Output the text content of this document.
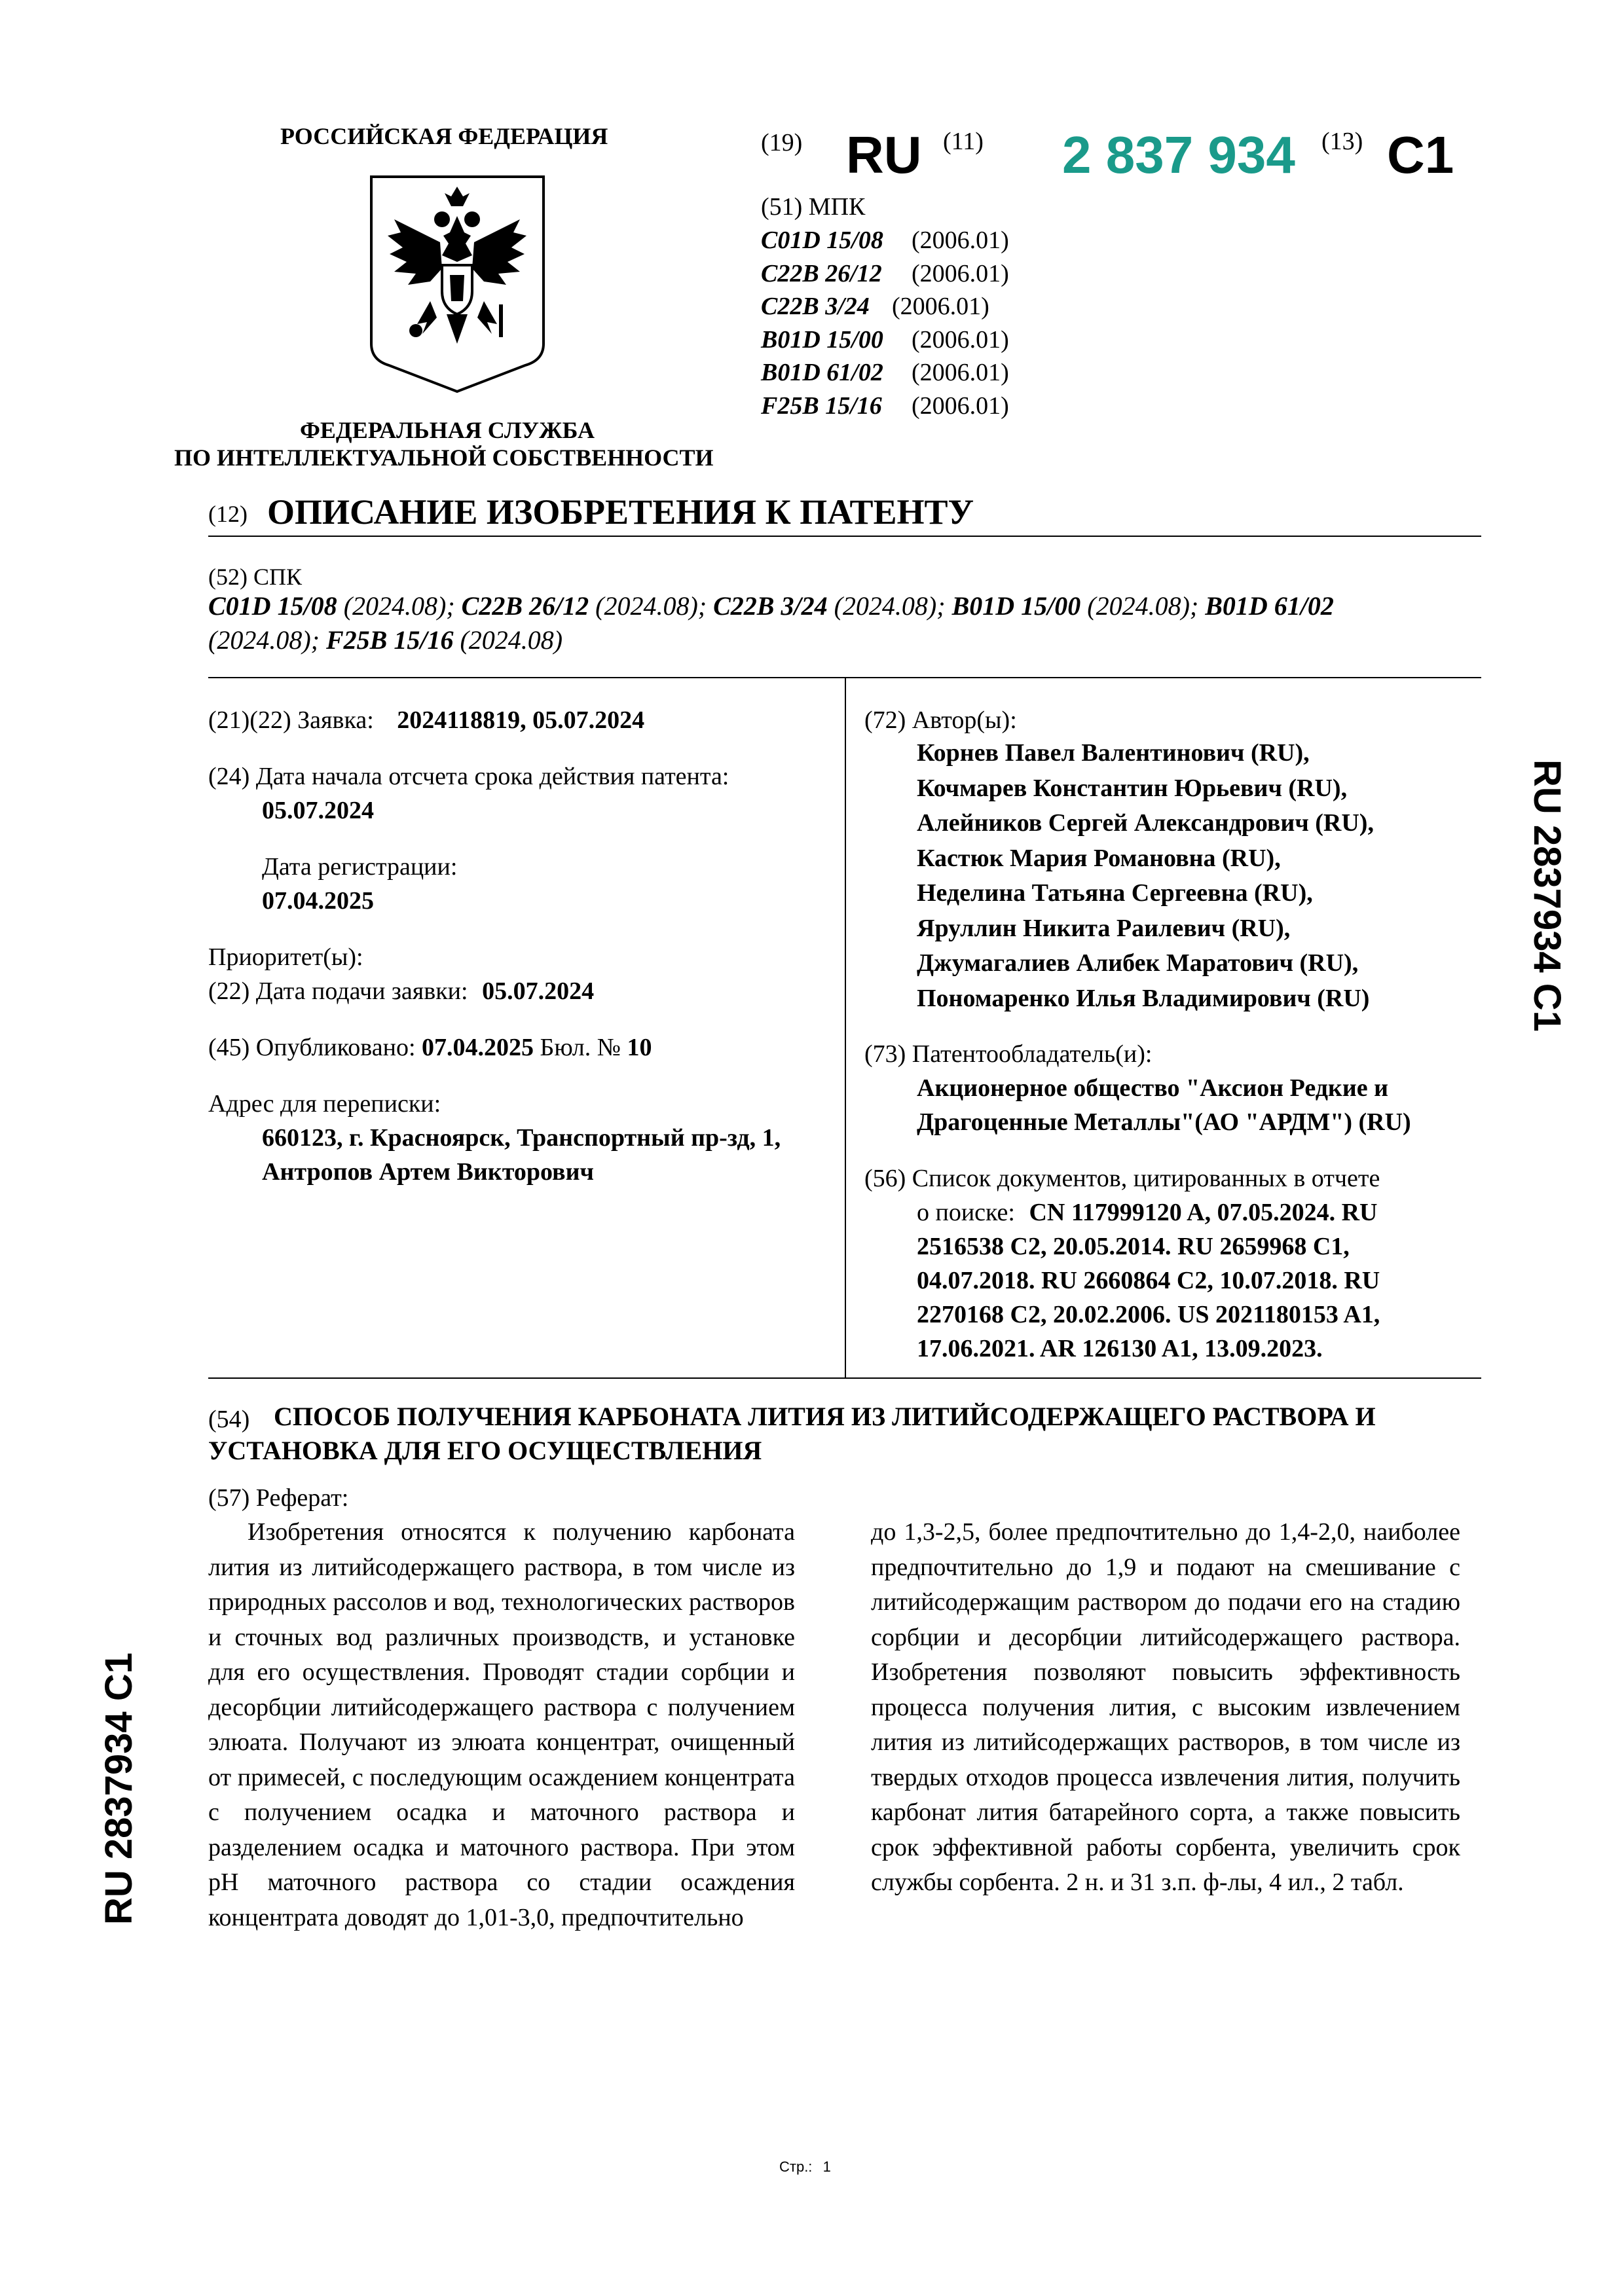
РОССИЙСКАЯ ФЕДЕРАЦИЯ
ФЕДЕРАЛЬНАЯ СЛУЖБА
ПО ИНТЕЛЛЕКТУАЛЬНОЙ СОБСТВЕННОСТИ
(19) RU (11) 2 837 934 (13) C1
(51) МПК
C01D 15/08 (2006.01)
C22B 26/12 (2006.01)
C22B 3/24 (2006.01)
B01D 15/00 (2006.01)
B01D 61/02 (2006.01)
F25B 15/16 (2006.01)
(12) ОПИСАНИЕ ИЗОБРЕТЕНИЯ К ПАТЕНТУ
(52) СПК
C01D 15/08 (2024.08); C22B 26/12 (2024.08); C22B 3/24 (2024.08); B01D 15/00 (2024.08); B01D 61/02
(2024.08); F25B 15/16 (2024.08)
(21)(22) Заявка: 2024118819, 05.07.2024
(24) Дата начала отсчета срока действия патента:
05.07.2024
Дата регистрации:
07.04.2025
Приоритет(ы):
(22) Дата подачи заявки: 05.07.2024
(45) Опубликовано: 07.04.2025 Бюл. № 10
Адрес для переписки:
660123, г. Красноярск, Транспортный пр-зд, 1,
Антропов Артем Викторович
(72) Автор(ы):
Корнев Павел Валентинович (RU),
Кочмарев Константин Юрьевич (RU),
Алейников Сергей Александрович (RU),
Кастюк Мария Романовна (RU),
Неделина Татьяна Сергеевна (RU),
Яруллин Никита Раилевич (RU),
Джумагалиев Алибек Маратович (RU),
Пономаренко Илья Владимирович (RU)
(73) Патентообладатель(и):
Акционерное общество "Аксион Редкие и
Драгоценные Металлы"(АО "АРДМ") (RU)
(56) Список документов, цитированных в отчете
о поиске: CN 117999120 A, 07.05.2024. RU
2516538 C2, 20.05.2014. RU 2659968 C1,
04.07.2018. RU 2660864 C2, 10.07.2018. RU
2270168 C2, 20.02.2006. US 2021180153 A1,
17.06.2021. AR 126130 A1, 13.09.2023.
(54) СПОСОБ ПОЛУЧЕНИЯ КАРБОНАТА ЛИТИЯ ИЗ ЛИТИЙСОДЕРЖАЩЕГО РАСТВОРА И
УСТАНОВКА ДЛЯ ЕГО ОСУЩЕСТВЛЕНИЯ
(57) Реферат:

Изобретения относятся к получению карбоната лития из литийсодержащего раствора, в том числе из природных рассолов и вод, технологических растворов и сточных вод различных производств, и установке для его осуществления. Проводят стадии сорбции и десорбции литийсодержащего раствора с получением элюата. Получают из элюата концентрат, очищенный от примесей, с последующим осаждением концентрата с получением осадка и маточного раствора и разделением осадка и маточного раствора. При этом pH маточного раствора со стадии осаждения концентрата доводят до 1,01-3,0, предпочтительно

до 1,3-2,5, более предпочтительно до 1,4-2,0, наиболее предпочтительно до 1,9 и подают на смешивание с литийсодержащим раствором до подачи его на стадию сорбции и десорбции литийсодержащего раствора. Изобретения позволяют повысить эффективность процесса получения лития, с высоким извлечением лития из литийсодержащих растворов, в том числе из твердых отходов процесса извлечения лития, получить карбонат лития батарейного сорта, а также повысить срок эффективной работы сорбента, увеличить срок службы сорбента. 2 н. и 31 з.п. ф-лы, 4 ил., 2 табл.

RU 2837934 C1
RU 2837934 C1
Стр.: 1
